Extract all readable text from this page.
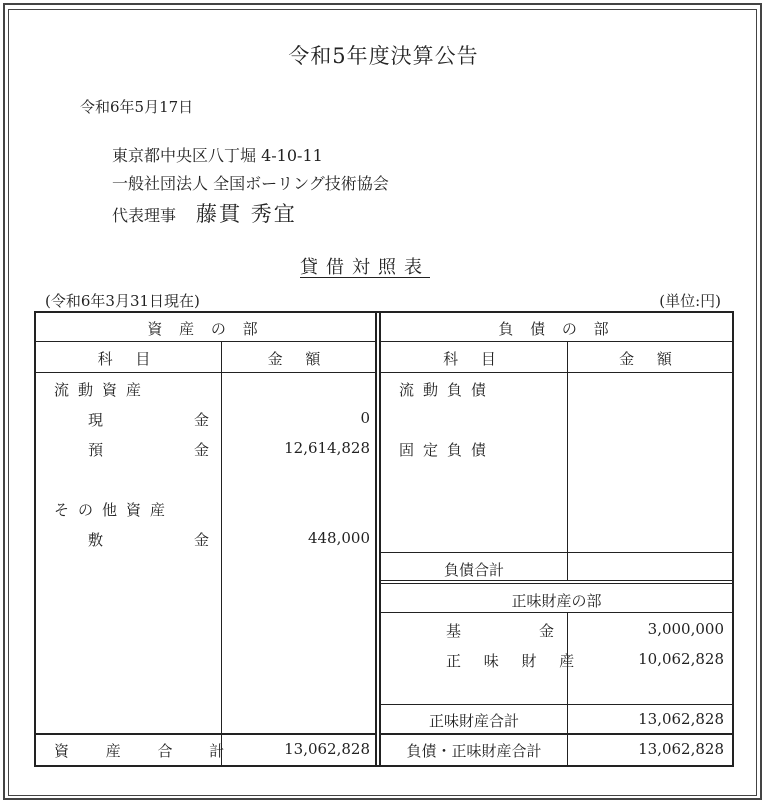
令和5年度決算公告
令和6年5月17日
東京都中央区八丁堀 4-10-11
一般社団法人 全国ボーリング技術協会
代表理事 藤貫 秀宜
貸借対照表
(令和6年3月31日現在)	(単位:円)
資 産 の 部
科 目	金 額
流動資産
現	金	0
預	金	12,614,828
その他資産
敷	金	448,000
資 産 合 計	13,062,828
負 債 の 部
科 目	金 額
流動負債
固定負債
負債合計
正味財産の部
基	金	3,000,000
正 味 財 産	10,062,828
正味財産合計	13,062,828
負債・正味財産合計	13,062,828
